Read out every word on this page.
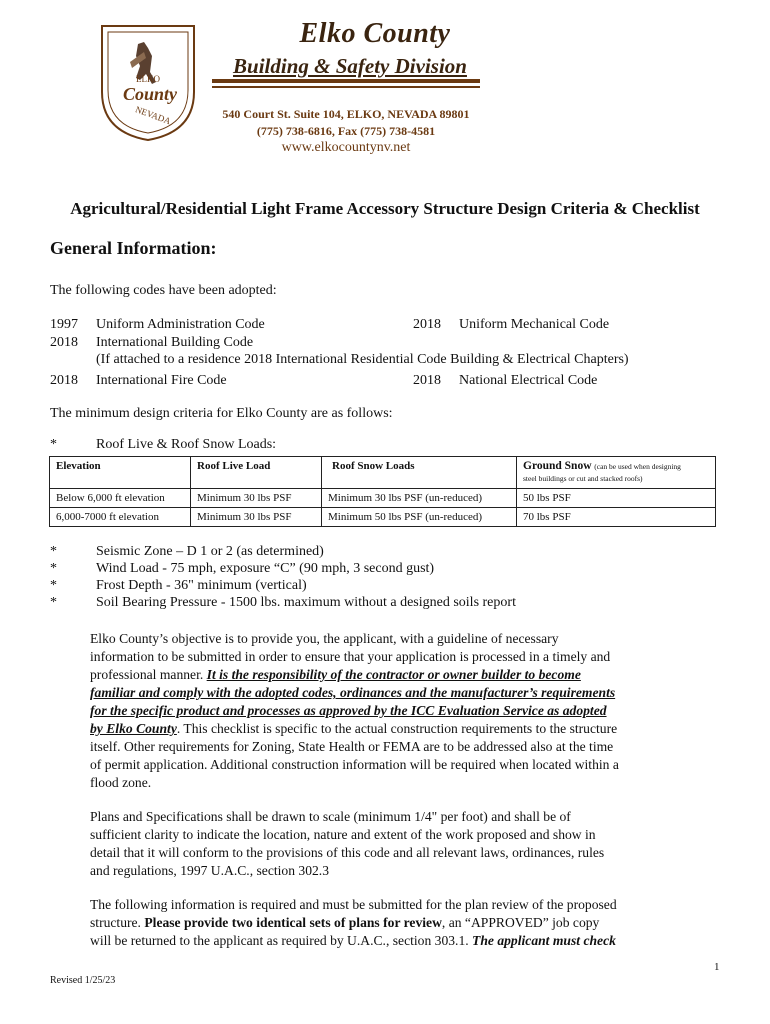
ELKO
County
NEVADA
Elko County
Building & Safety Division
540 Court St. Suite 104, ELKO, NEVADA 89801
(775) 738-6816, Fax (775) 738-4581
www.elkocountynv.net
Agricultural/Residential Light Frame Accessory Structure Design Criteria & Checklist
General Information:
The following codes have been adopted:
1997 Uniform Administration Code	2018 Uniform Mechanical Code
2018 International Building Code
(If attached to a residence 2018 International Residential Code Building & Electrical Chapters)
2018 International Fire Code	2018 National Electrical Code
The minimum design criteria for Elko County are as follows:
*	Roof Live & Roof Snow Loads:
Elevation	Roof Live Load	Roof Snow Loads	Ground Snow (can be used when designing
steel buildings or cut and stacked roofs)
Below 6,000 ft elevation	Minimum 30 lbs PSF	Minimum 30 lbs PSF (un-reduced)	50 lbs PSF
6,000-7000 ft elevation	Minimum 30 lbs PSF	Minimum 50 lbs PSF (un-reduced)	70 lbs PSF
*	Seismic Zone – D 1 or 2 (as determined)
*	Wind Load - 75 mph, exposure “C” (90 mph, 3 second gust)
*	Frost Depth - 36" minimum (vertical)
*	Soil Bearing Pressure - 1500 lbs. maximum without a designed soils report
Elko County’s objective is to provide you, the applicant, with a guideline of necessary
information to be submitted in order to ensure that your application is processed in a timely and
professional manner. It is the responsibility of the contractor or owner builder to become
familiar and comply with the adopted codes, ordinances and the manufacturer’s requirements
for the specific product and processes as approved by the ICC Evaluation Service as adopted
by Elko County. This checklist is specific to the actual construction requirements to the structure
itself. Other requirements for Zoning, State Health or FEMA are to be addressed also at the time
of permit application. Additional construction information will be required when located within a
flood zone.
Plans and Specifications shall be drawn to scale (minimum 1/4" per foot) and shall be of
sufficient clarity to indicate the location, nature and extent of the work proposed and show in
detail that it will conform to the provisions of this code and all relevant laws, ordinances, rules
and regulations, 1997 U.A.C., section 302.3
The following information is required and must be submitted for the plan review of the proposed
structure. Please provide two identical sets of plans for review, an “APPROVED” job copy
will be returned to the applicant as required by U.A.C., section 303.1. The applicant must check
1
Revised 1/25/23
